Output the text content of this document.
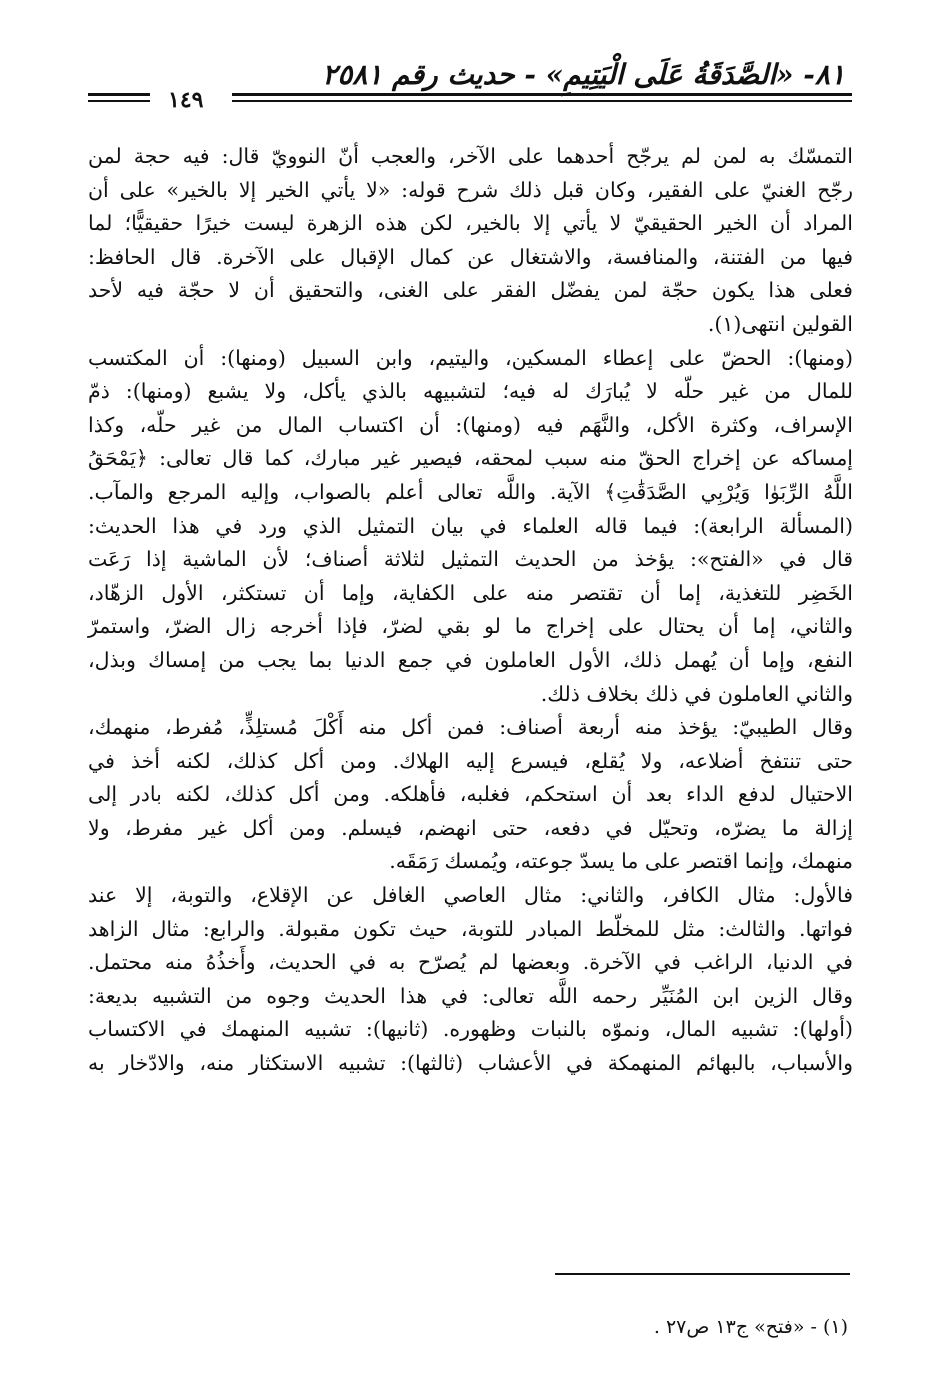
٨١- «الصَّدَقَةُ عَلَى الْيَتِيمِ» - حديث رقم ٢٥٨١
١٤٩

التمسّك به لمن لم يرجّح أحدهما على الآخر، والعجب أنّ النوويّ قال: فيه حجة لمن
رجّح الغنيّ على الفقير، وكان قبل ذلك شرح قوله: «لا يأتي الخير إلا بالخير» على أن
المراد أن الخير الحقيقيّ لا يأتي إلا بالخير، لكن هذه الزهرة ليست خيرًا حقيقيًّا؛ لما
فيها من الفتنة، والمنافسة، والاشتغال عن كمال الإقبال على الآخرة. قال الحافظ:
فعلى هذا يكون حجّة لمن يفضّل الفقر على الغنى، والتحقيق أن لا حجّة فيه لأحد
القولين انتهى(١).

(ومنها): الحضّ على إعطاء المسكين، واليتيم، وابن السبيل (ومنها): أن المكتسب
للمال من غير حلّه لا يُبارَك له فيه؛ لتشبيهه بالذي يأكل، ولا يشبع (ومنها): ذمّ
الإسراف، وكثرة الأكل، والنَّهَم فيه (ومنها): أن اكتساب المال من غير حلّه، وكذا
إمساكه عن إخراج الحقّ منه سبب لمحقه، فيصير غير مبارك، كما قال تعالى: ﴿يَمْحَقُ
اللَّهُ الرِّبَوٰا وَيُرْبِي الصَّدَقَٰتِ﴾ الآية. واللَّه تعالى أعلم بالصواب، وإليه المرجع والمآب.

(المسألة الرابعة): فيما قاله العلماء في بيان التمثيل الذي ورد في هذا الحديث:

قال في «الفتح»: يؤخذ من الحديث التمثيل لثلاثة أصناف؛ لأن الماشية إذا رَعَت
الخَضِر للتغذية، إما أن تقتصر منه على الكفاية، وإما أن تستكثر، الأول الزهّاد،
والثاني، إما أن يحتال على إخراج ما لو بقي لضرّ، فإذا أخرجه زال الضرّ، واستمرّ
النفع، وإما أن يُهمل ذلك، الأول العاملون في جمع الدنيا بما يجب من إمساك وبذل،
والثاني العاملون في ذلك بخلاف ذلك.

وقال الطيبيّ: يؤخذ منه أربعة أصناف: فمن أكل منه أَكْلَ مُستلِذٍّ، مُفرط، منهمك،
حتى تنتفخ أضلاعه، ولا يُقلع، فيسرع إليه الهلاك. ومن أكل كذلك، لكنه أخذ في
الاحتيال لدفع الداء بعد أن استحكم، فغلبه، فأهلكه. ومن أكل كذلك، لكنه بادر إلى
إزالة ما يضرّه، وتحيّل في دفعه، حتى انهضم، فيسلم. ومن أكل غير مفرط، ولا
منهمك، وإنما اقتصر على ما يسدّ جوعته، ويُمسك رَمَقَه.

فالأول: مثال الكافر، والثاني: مثال العاصي الغافل عن الإقلاع، والتوبة، إلا عند
فواتها. والثالث: مثل للمخلّط المبادر للتوبة، حيث تكون مقبولة. والرابع: مثال الزاهد
في الدنيا، الراغب في الآخرة. وبعضها لم يُصرّح به في الحديث، وأَخذُهُ منه محتمل.

وقال الزين ابن المُنَيِّر رحمه اللَّه تعالى: في هذا الحديث وجوه من التشبيه بديعة:
(أولها): تشبيه المال، ونموّه بالنبات وظهوره. (ثانيها): تشبيه المنهمك في الاكتساب
والأسباب، بالبهائم المنهمكة في الأعشاب (ثالثها): تشبيه الاستكثار منه، والادّخار به

(١) - «فتح» ج١٣ ص٢٧ .
